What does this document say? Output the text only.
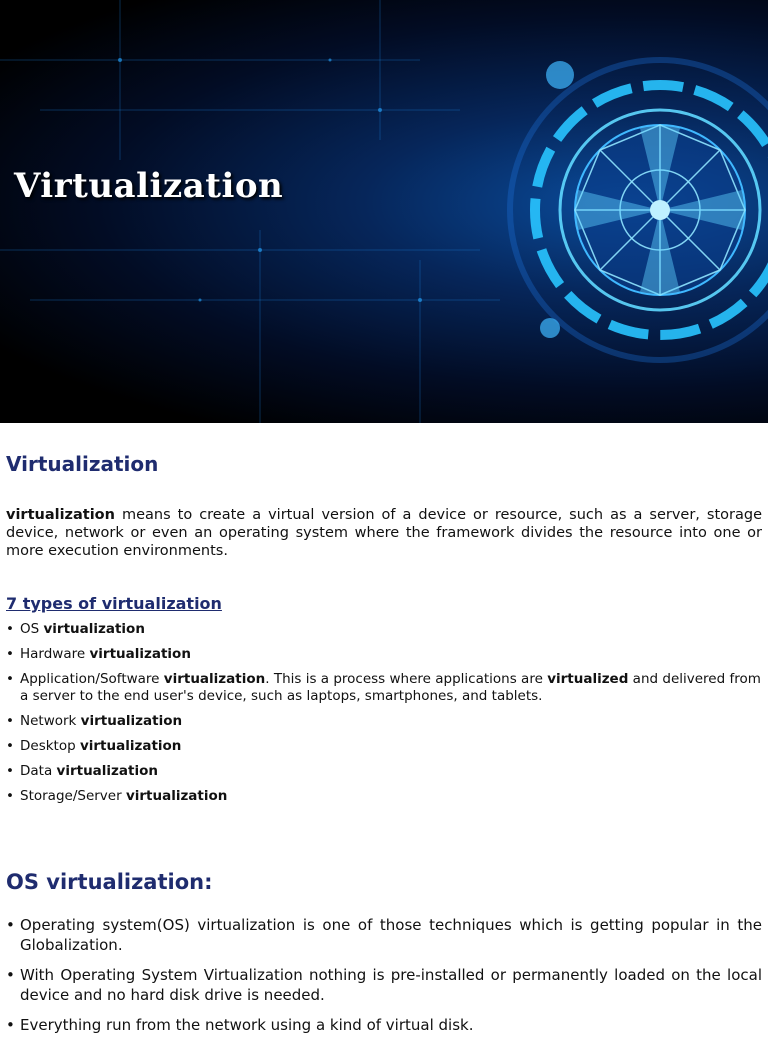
Virtualization
Virtualization
virtualization means to create a virtual version of a device or resource, such as a server, storage device, network or even an operating system where the framework divides the resource into one or more execution environments.
7 types of virtualization
• OS virtualization
• Hardware virtualization
• Application/Software virtualization. This is a process where applications are virtualized and delivered from a server to the end user's device, such as laptops, smartphones, and tablets.
• Network virtualization
• Desktop virtualization
• Data virtualization
• Storage/Server virtualization
OS virtualization:
• Operating system(OS) virtualization is one of those techniques which is getting popular in the Globalization.
• With Operating System Virtualization nothing is pre-installed or permanently loaded on the local device and no hard disk drive is needed.
• Everything run from the network using a kind of virtual disk.
